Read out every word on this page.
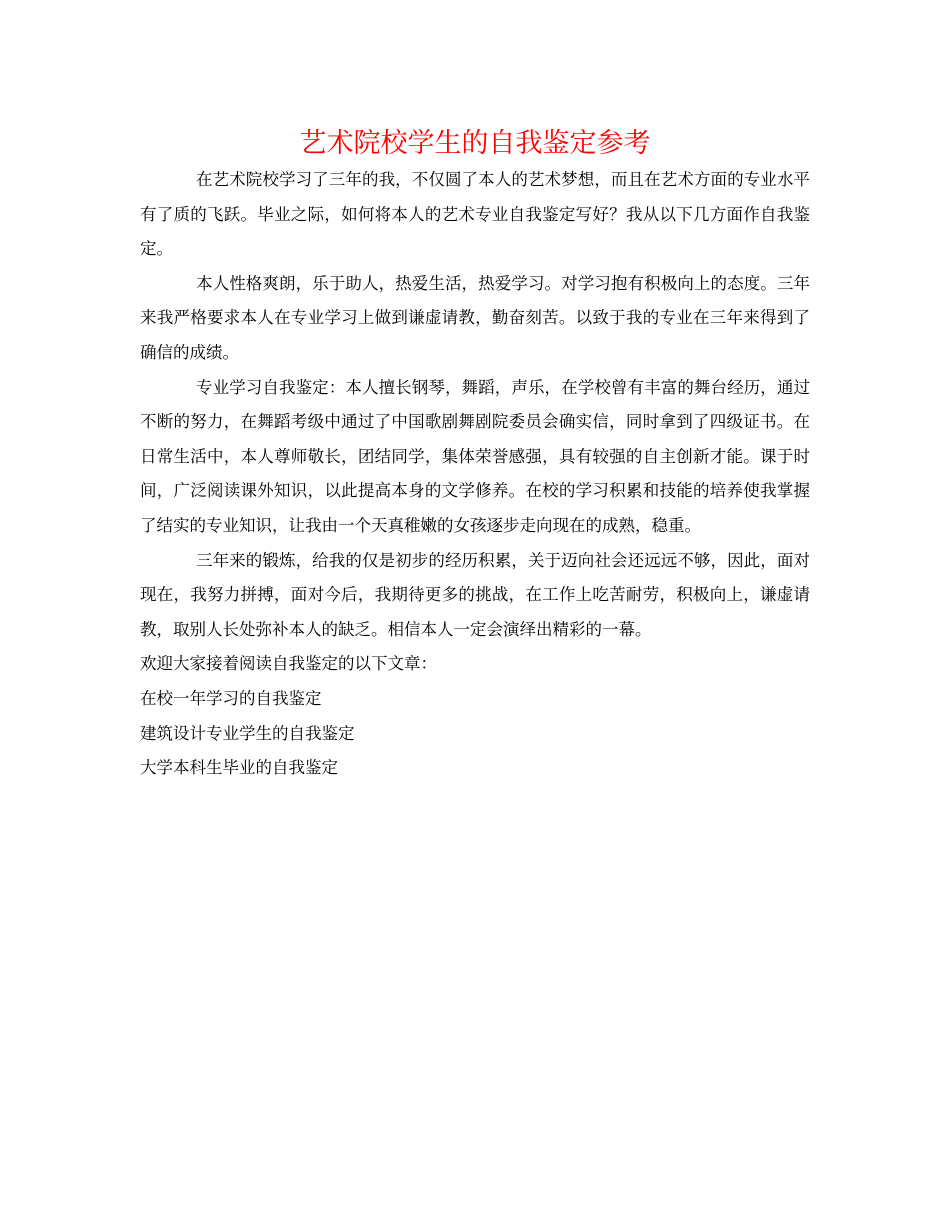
艺术院校学生的自我鉴定参考

在艺术院校学习了三年的我，不仅圆了本人的艺术梦想，而且在艺术方面的专业水平有了质的飞跃。毕业之际，如何将本人的艺术专业自我鉴定写好？我从以下几方面作自我鉴定。

本人性格爽朗，乐于助人，热爱生活，热爱学习。对学习抱有积极向上的态度。三年来我严格要求本人在专业学习上做到谦虚请教，勤奋刻苦。以致于我的专业在三年来得到了确信的成绩。

专业学习自我鉴定：本人擅长钢琴，舞蹈，声乐，在学校曾有丰富的舞台经历，通过不断的努力，在舞蹈考级中通过了中国歌剧舞剧院委员会确实信，同时拿到了四级证书。在日常生活中，本人尊师敬长，团结同学，集体荣誉感强，具有较强的自主创新才能。课于时间，广泛阅读课外知识，以此提高本身的文学修养。在校的学习积累和技能的培养使我掌握了结实的专业知识，让我由一个天真稚嫩的女孩逐步走向现在的成熟，稳重。

三年来的锻炼，给我的仅是初步的经历积累，关于迈向社会还远远不够，因此，面对现在，我努力拼搏，面对今后，我期待更多的挑战，在工作上吃苦耐劳，积极向上，谦虚请教，取别人长处弥补本人的缺乏。相信本人一定会演绎出精彩的一幕。

欢迎大家接着阅读自我鉴定的以下文章：

在校一年学习的自我鉴定

建筑设计专业学生的自我鉴定

大学本科生毕业的自我鉴定
